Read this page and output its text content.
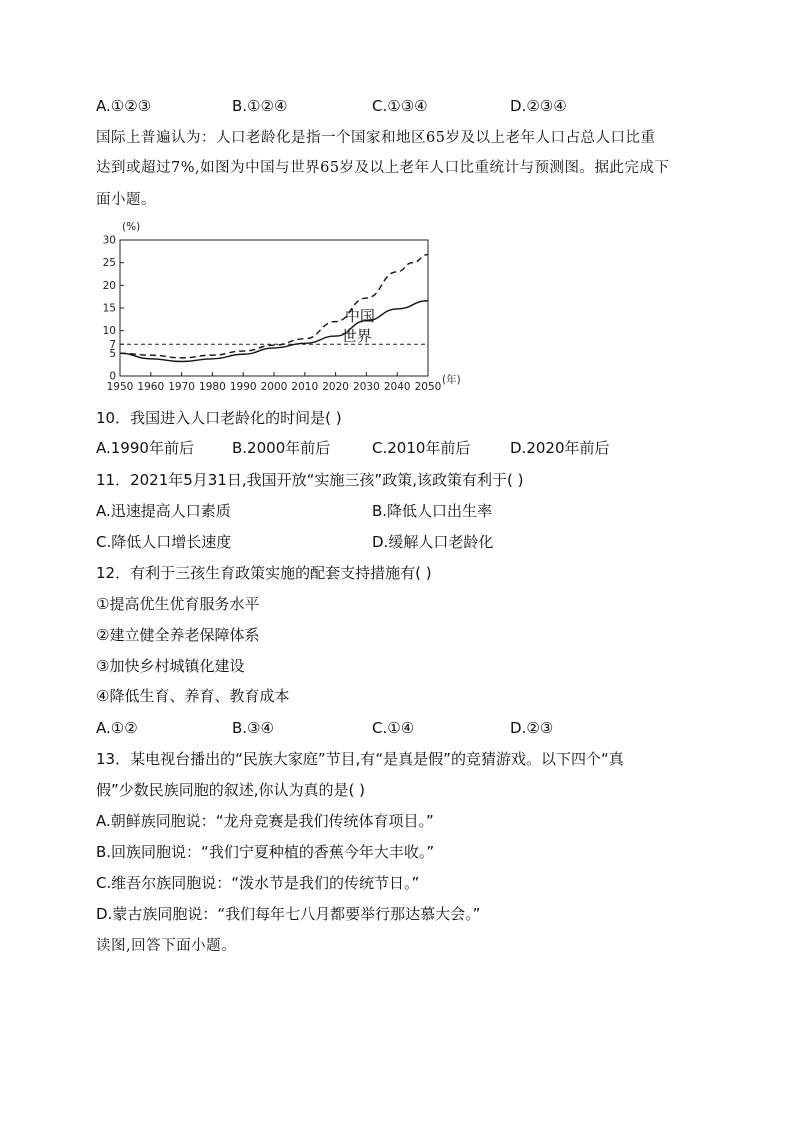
A.①②③	B.①②④	C.①③④	D.②③④
国际上普遍认为：人口老龄化是指一个国家和地区65岁及以上老年人口占总人口比重
达到或超过7%,如图为中国与世界65岁及以上老年人口比重统计与预测图。据此完成下
面小题。
0
5
7
10
15
20
25
30
1950 1960 1970 1980 1990 2000 2010 2020 2030 2040 2050
(%)
(年)
中国
世界
10．我国进入人口老龄化的时间是( )
A.1990年前后	B.2000年前后	C.2010年前后	D.2020年前后
11．2021年5月31日,我国开放“实施三孩”政策,该政策有利于( )
A.迅速提高人口素质	B.降低人口出生率
C.降低人口增长速度	D.缓解人口老龄化
12．有利于三孩生育政策实施的配套支持措施有( )
①提高优生优育服务水平
②建立健全养老保障体系
③加快乡村城镇化建设
④降低生育、养育、教育成本
A.①②	B.③④	C.①④	D.②③
13．某电视台播出的“民族大家庭”节目,有“是真是假”的竞猜游戏。以下四个“真
假”少数民族同胞的叙述,你认为真的是( )
A.朝鲜族同胞说：“龙舟竞赛是我们传统体育项目。”
B.回族同胞说：“我们宁夏种植的香蕉今年大丰收。”
C.维吾尔族同胞说：“泼水节是我们的传统节日。”
D.蒙古族同胞说：“我们每年七八月都要举行那达慕大会。”
读图,回答下面小题。
